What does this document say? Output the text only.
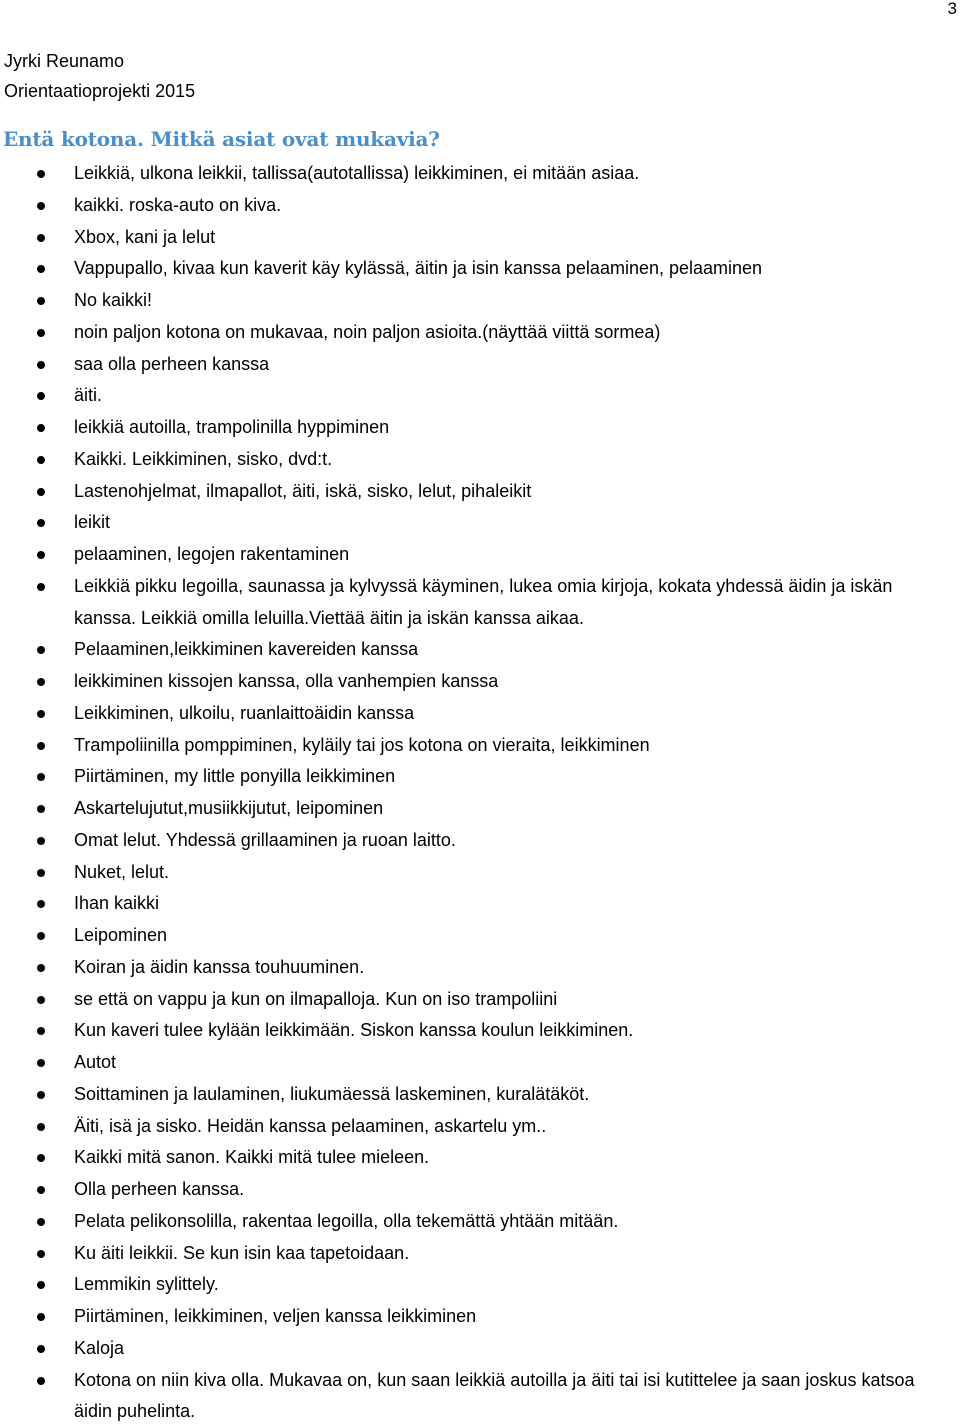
3
Jyrki Reunamo
Orientaatioprojekti 2015
Entä kotona. Mitkä asiat ovat mukavia?
Leikkiä, ulkona leikkii, tallissa(autotallissa) leikkiminen, ei mitään asiaa.
kaikki. roska-auto on kiva.
Xbox, kani ja lelut
Vappupallo, kivaa kun kaverit käy kylässä, äitin ja isin kanssa pelaaminen, pelaaminen
No kaikki!
noin paljon kotona on mukavaa, noin paljon asioita.(näyttää viittä sormea)
saa olla perheen kanssa
äiti.
leikkiä autoilla, trampolinilla hyppiminen
Kaikki. Leikkiminen, sisko, dvd:t.
Lastenohjelmat, ilmapallot, äiti, iskä, sisko, lelut, pihaleikit
leikit
pelaaminen, legojen rakentaminen
Leikkiä pikku legoilla, saunassa ja kylvyssä käyminen, lukea omia kirjoja, kokata yhdessä äidin ja iskän kanssa. Leikkiä omilla leluilla.Viettää äitin ja iskän kanssa aikaa.
Pelaaminen,leikkiminen kavereiden kanssa
leikkiminen kissojen kanssa, olla vanhempien kanssa
Leikkiminen, ulkoilu, ruanlaittoäidin kanssa
Trampoliinilla pomppiminen, kyläily tai jos kotona on vieraita, leikkiminen
Piirtäminen, my little ponyilla leikkiminen
Askartelujutut,musiikkijutut, leipominen
Omat lelut. Yhdessä grillaaminen ja ruoan laitto.
Nuket, lelut.
Ihan kaikki
Leipominen
Koiran ja äidin kanssa touhuuminen.
se että on vappu ja kun on ilmapalloja. Kun on iso trampoliini
Kun kaveri tulee kylään leikkimään. Siskon kanssa koulun leikkiminen.
Autot
Soittaminen ja laulaminen, liukumäessä laskeminen, kuralätäköt.
Äiti, isä ja sisko. Heidän kanssa pelaaminen, askartelu ym..
Kaikki mitä sanon. Kaikki mitä tulee mieleen.
Olla perheen kanssa.
Pelata pelikonsolilla, rakentaa legoilla, olla tekemättä yhtään mitään.
Ku äiti leikkii. Se kun isin kaa tapetoidaan.
Lemmikin sylittely.
Piirtäminen, leikkiminen, veljen kanssa leikkiminen
Kaloja
Kotona on niin kiva olla. Mukavaa on, kun saan leikkiä autoilla ja äiti tai isi kutittelee ja saan joskus katsoa äidin puhelinta.
